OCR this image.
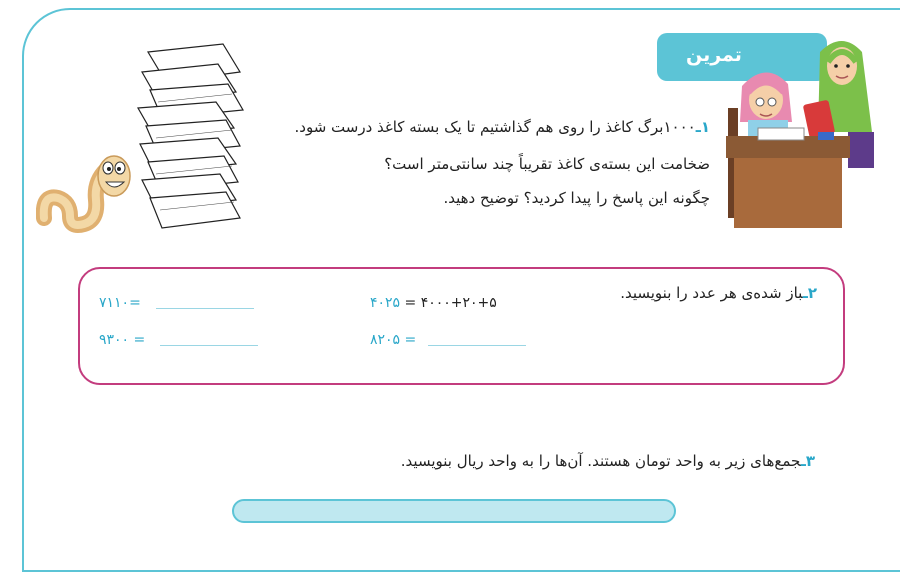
تمرین
۱ـ۱۰۰۰برگ کاغذ را روی هم گذاشتیم تا یک بسته کاغذ درست شود.
ضخامت این بسته‌ی کاغذ تقریباً چند سانتی‌متر است؟
چگونه این پاسخ را پیدا کردید؟ توضیح دهید.
۲ـباز شده‌ی هر عدد را بنویسید.
۴۰۲۵ = ۴۰۰۰+۲۰+۵
۸۲۰۵ =
۷۱۱۰=
۹۳۰۰ =
۳ـجمع‌های زیر به واحد تومان هستند. آن‌ها را به واحد ریال بنویسید.
